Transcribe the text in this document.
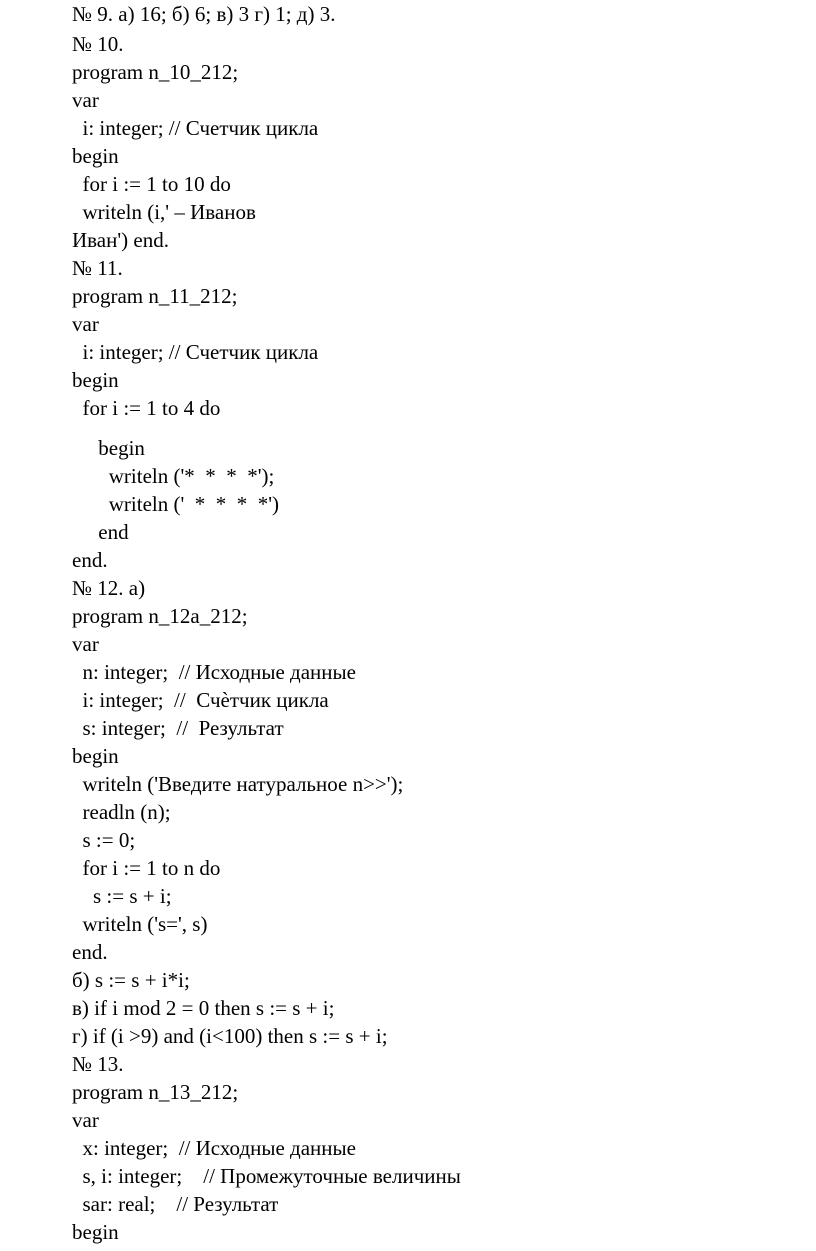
№ 9. а) 16; б) 6; в) 3 г) 1; д) 3.
№ 10.
program n_10_212;
var
i: integer; // Счетчик цикла
begin
for i := 1 to 10 do
writeln (i,' – Иванов
Иван') end.
№ 11.
program n_11_212;
var
i: integer; // Счетчик цикла
begin
for i := 1 to 4 do
begin
writeln ('*  *  *  *');
writeln ('  *  *  *  *')
end
end.
№ 12. а)
program n_12a_212;
var
n: integer;  // Исходные данные
i: integer;  //  Счѐтчик цикла
s: integer;  //  Результат
begin
writeln ('Введите натуральное n>>');
readln (n);
s := 0;
for i := 1 to n do
s := s + i;
writeln ('s=', s)
end.
б) s := s + i*i;
в) if i mod 2 = 0 then s := s + i;
г) if (i >9) and (i<100) then s := s + i;
№ 13.
program n_13_212;
var
x: integer;  // Исходные данные
s, i: integer;    // Промежуточные величины
sar: real;    // Результат
begin
